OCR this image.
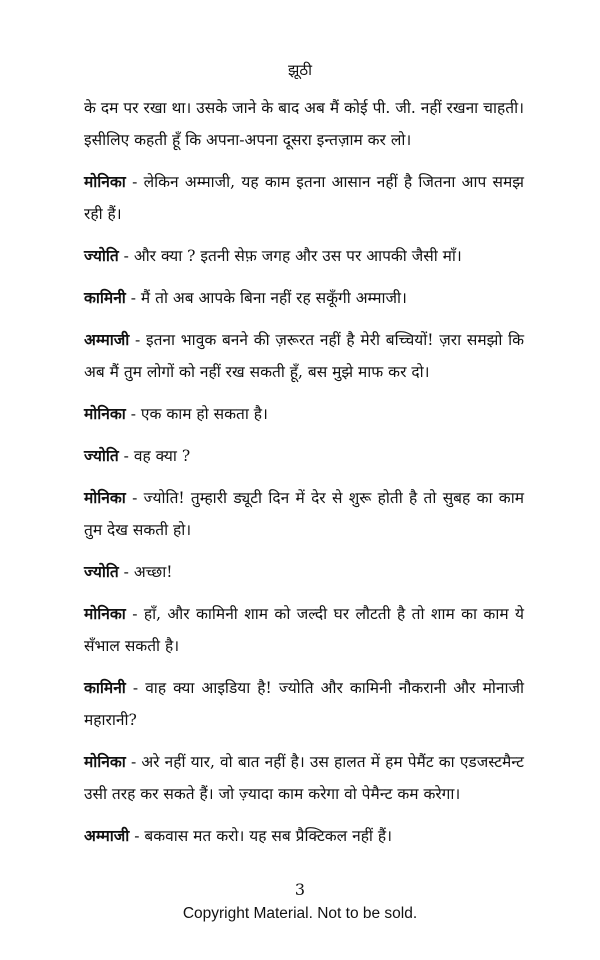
झूठी

के दम पर रखा था। उसके जाने के बाद अब मैं कोई पी. जी. नहीं रखना चाहती। इसीलिए कहती हूँ कि अपना-अपना दूसरा इन्तज़ाम कर लो।

मोनिका - लेकिन अम्माजी, यह काम इतना आसान नहीं है जितना आप समझ रही हैं।

ज्योति - और क्या ? इतनी सेफ़ जगह और उस पर आपकी जैसी माँ।

कामिनी - मैं तो अब आपके बिना नहीं रह सकूँगी अम्माजी।

अम्माजी - इतना भावुक बनने की ज़रूरत नहीं है मेरी बच्चियों! ज़रा समझो कि अब मैं तुम लोगों को नहीं रख सकती हूँ, बस मुझे माफ कर दो।

मोनिका - एक काम हो सकता है।

ज्योति - वह क्या ?

मोनिका - ज्योति! तुम्हारी ड्यूटी दिन में देर से शुरू होती है तो सुबह का काम तुम देख सकती हो।

ज्योति - अच्छा!

मोनिका - हाँ, और कामिनी शाम को जल्दी घर लौटती है तो शाम का काम ये सँभाल सकती है।

कामिनी - वाह क्या आइडिया है! ज्योति और कामिनी नौकरानी और मोनाजी महारानी?

मोनिका - अरे नहीं यार, वो बात नहीं है। उस हालत में हम पेमैंट का एडजस्टमैन्ट उसी तरह कर सकते हैं। जो ज़्यादा काम करेगा वो पेमैन्ट कम करेगा।

अम्माजी - बकवास मत करो। यह सब प्रैक्टिकल नहीं हैं।

3
Copyright Material. Not to be sold.
